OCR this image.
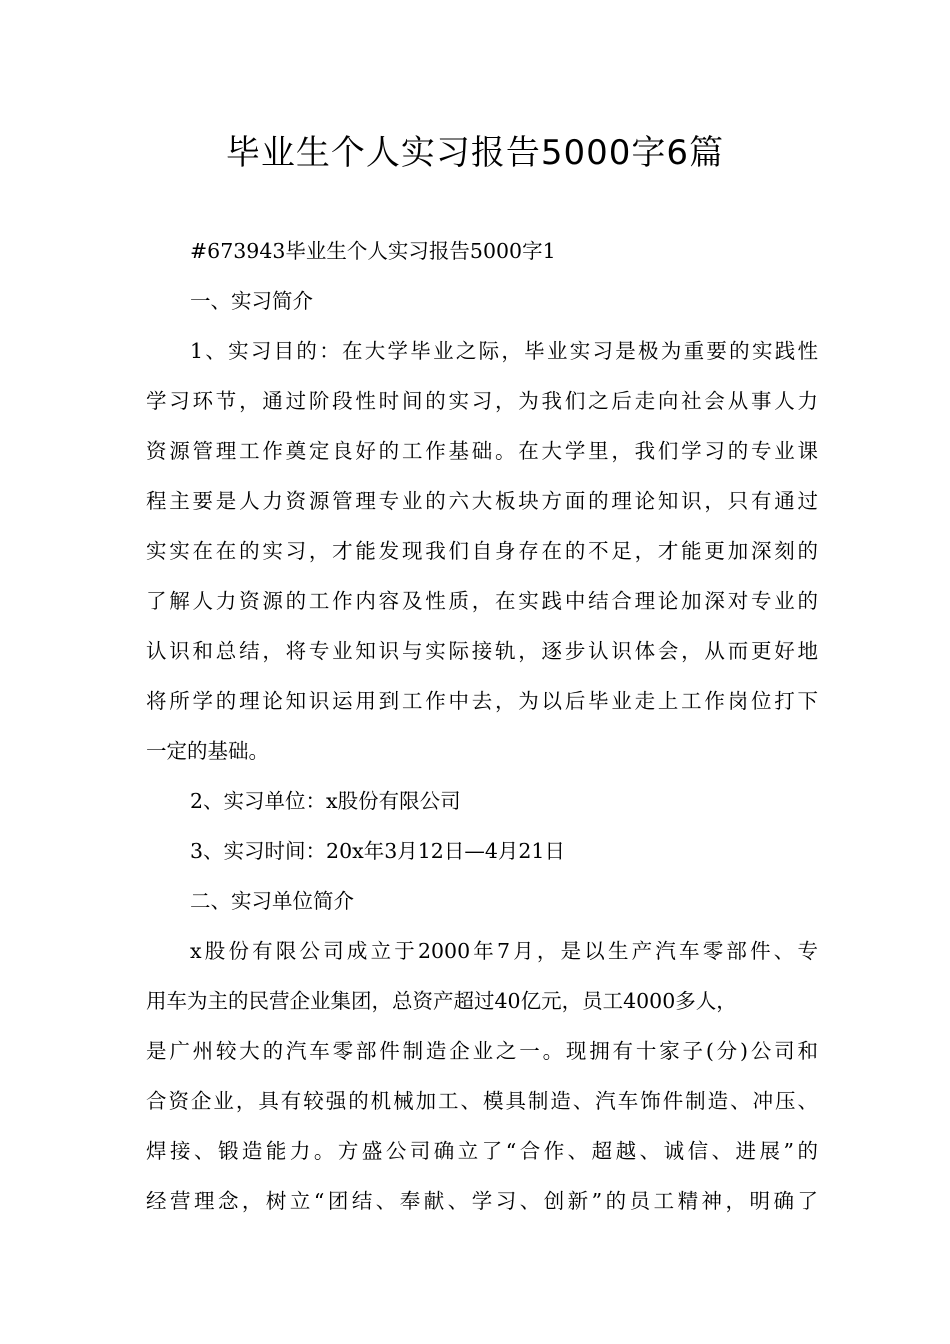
毕业生个人实习报告5000字6篇
#673943毕业生个人实习报告5000字1
一、实习简介
1、实习目的：在大学毕业之际，毕业实习是极为重要的实践性
学习环节，通过阶段性时间的实习，为我们之后走向社会从事人力
资源管理工作奠定良好的工作基础。在大学里，我们学习的专业课
程主要是人力资源管理专业的六大板块方面的理论知识，只有通过
实实在在的实习，才能发现我们自身存在的不足，才能更加深刻的
了解人力资源的工作内容及性质，在实践中结合理论加深对专业的
认识和总结，将专业知识与实际接轨，逐步认识体会，从而更好地
将所学的理论知识运用到工作中去，为以后毕业走上工作岗位打下
一定的基础。
2、实习单位：x股份有限公司
3、实习时间：20x年3月12日—4月21日
二、实习单位简介
x股份有限公司成立于2000年7月，是以生产汽车零部件、专
用车为主的民营企业集团，总资产超过40亿元，员工4000多人，
是广州较大的汽车零部件制造企业之一。现拥有十家子(分)公司和
合资企业，具有较强的机械加工、模具制造、汽车饰件制造、冲压、
焊接、锻造能力。方盛公司确立了“合作、超越、诚信、进展”的
经营理念，树立“团结、奉献、学习、创新”的员工精神，明确了
